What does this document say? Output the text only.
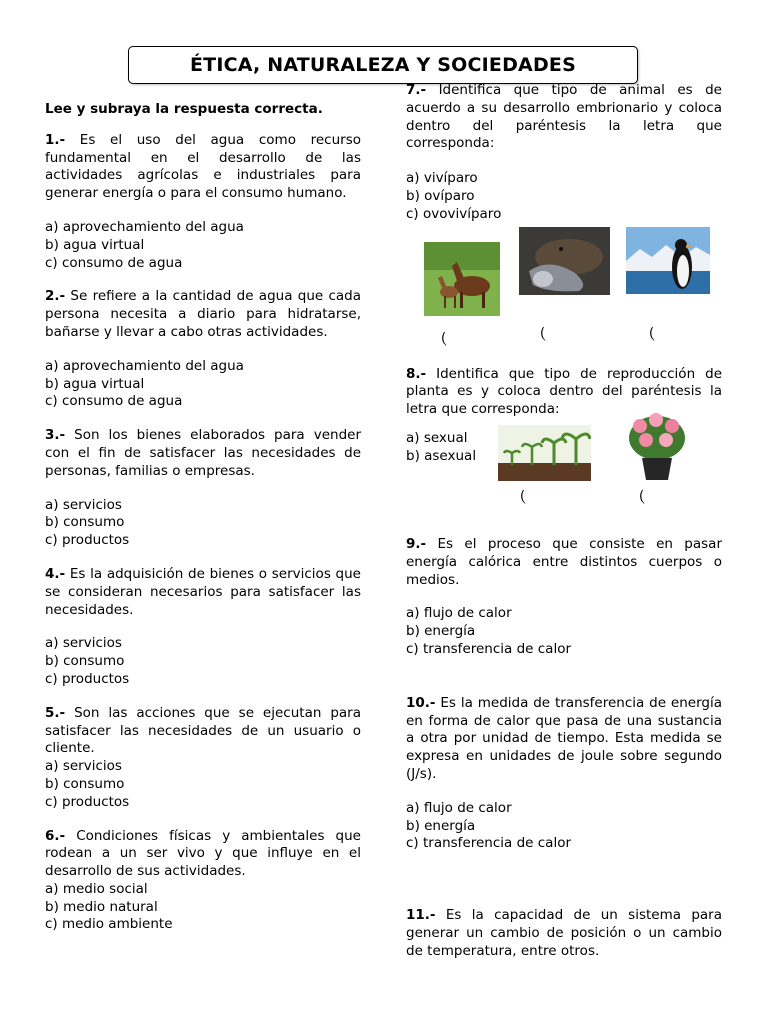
ÉTICA, NATURALEZA Y SOCIEDADES

Lee y subraya la respuesta correcta.

1.- Es el uso del agua como recurso fundamental en el desarrollo de las actividades agrícolas e industriales para generar energía o para el consumo humano.

a) aprovechamiento del agua
b) agua virtual
c) consumo de agua

2.- Se refiere a la cantidad de agua que cada persona necesita a diario para hidratarse, bañarse y llevar a cabo otras actividades.

a) aprovechamiento del agua
b) agua virtual
c) consumo de agua

3.- Son los bienes elaborados para vender con el fin de satisfacer las necesidades de personas, familias o empresas.

a) servicios
b) consumo
c) productos

4.- Es la adquisición de bienes o servicios que se consideran necesarios para satisfacer las necesidades.

a) servicios
b) consumo
c) productos

5.- Son las acciones que se ejecutan para satisfacer las necesidades de un usuario o cliente.

a) servicios
b) consumo
c) productos

6.- Condiciones físicas y ambientales que rodean a un ser vivo y que influye en el desarrollo de sus actividades.

a) medio social
b) medio natural
c) medio ambiente

7.- Identifica que tipo de animal es de acuerdo a su desarrollo embrionario y coloca dentro del paréntesis la letra que corresponda:

a) vivíparo
b) ovíparo
c) ovovivíparo
(
`
(
`
(
`

8.- Identifica que tipo de reproducción de planta es y coloca dentro del paréntesis la letra que corresponda:

a) sexual
b) asexual
(
`
(
`

9.- Es el proceso que consiste en pasar energía calórica entre distintos cuerpos o medios.

a) flujo de calor
b) energía
c) transferencia de calor

10.- Es la medida de transferencia de energía en forma de calor que pasa de una sustancia a otra por unidad de tiempo. Esta medida se expresa en unidades de joule sobre segundo (J/s).

a) flujo de calor
b) energía
c) transferencia de calor

11.- Es la capacidad de un sistema para generar un cambio de posición o un cambio de temperatura, entre otros.
